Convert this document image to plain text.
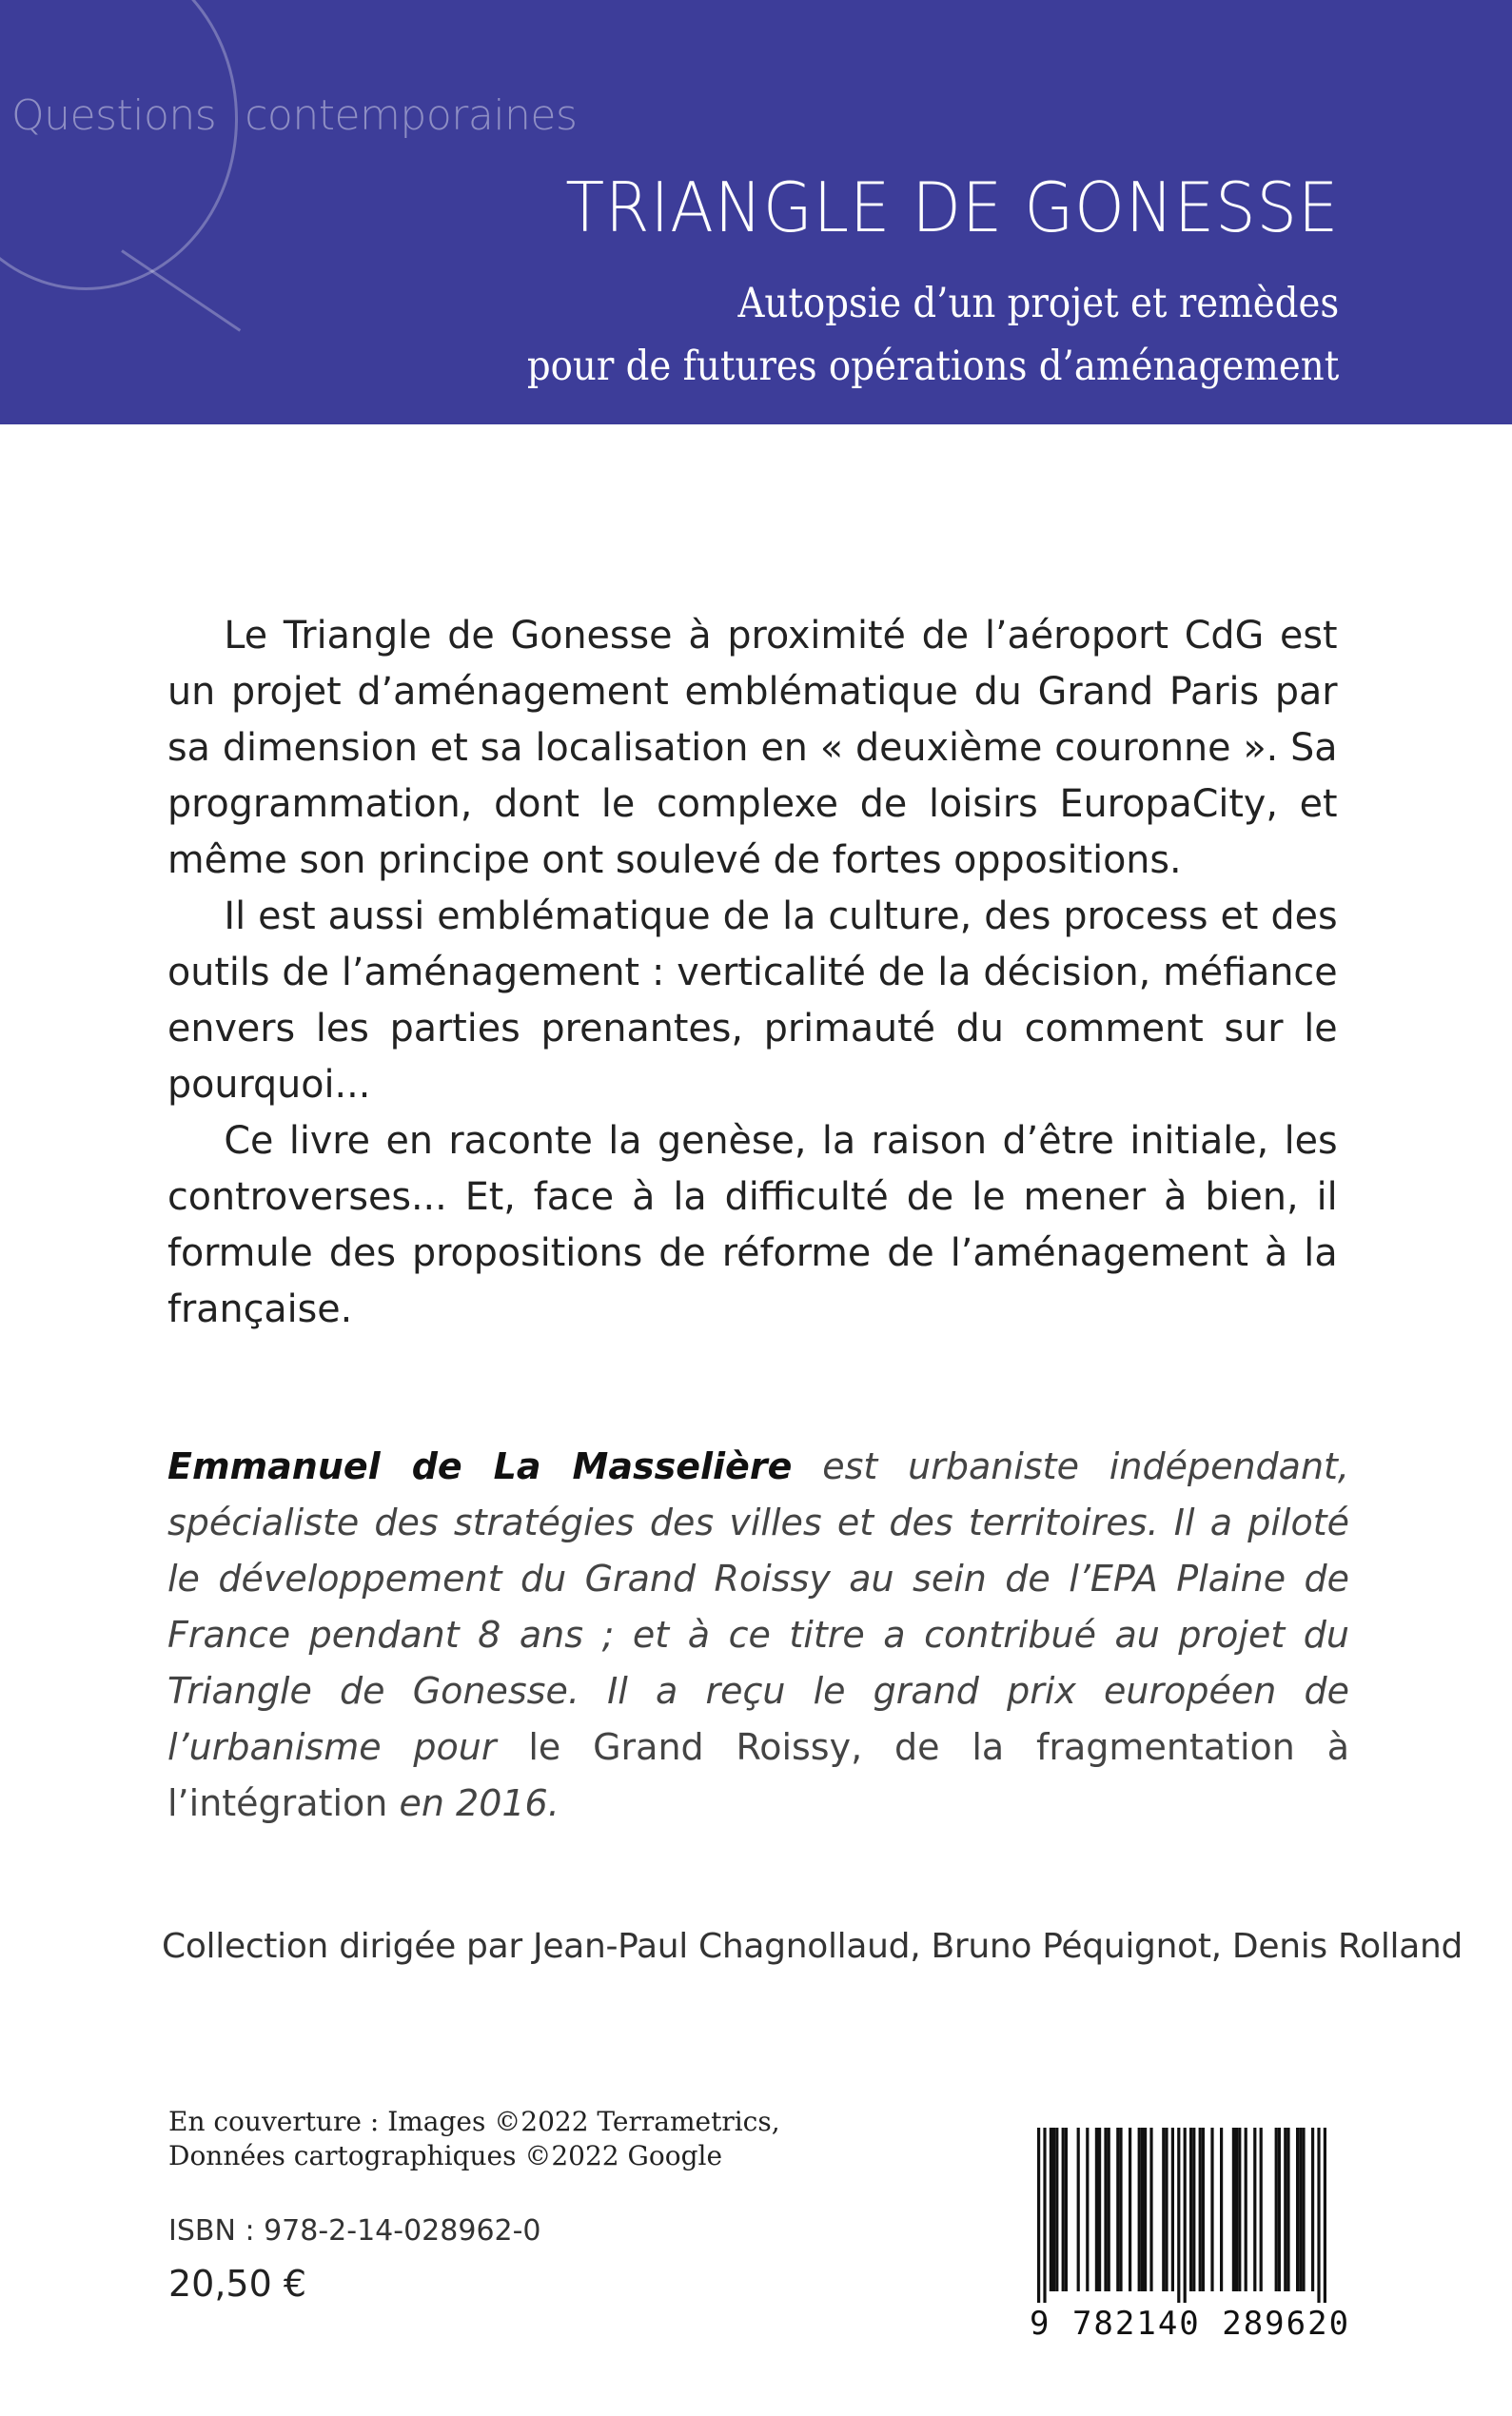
Questions contemporaines
TRIANGLE DE GONESSE
Autopsie d’un projet et remèdes
pour de futures opérations d’aménagement

Le Triangle de Gonesse à proximité de l’aéroport CdG est un projet d’aménagement emblématique du Grand Paris par sa dimension et sa localisation en « deuxième couronne ». Sa programmation, dont le complexe de loisirs EuropaCity, et même son principe ont soulevé de fortes oppositions.

Il est aussi emblématique de la culture, des process et des outils de l’aménagement : verticalité de la décision, méfiance envers les parties prenantes, primauté du comment sur le pourquoi...

Ce livre en raconte la genèse, la raison d’être initiale, les controverses... Et, face à la difficulté de le mener à bien, il formule des propositions de réforme de l’aménagement à la française.

Emmanuel de La Masselière est urbaniste indépendant, spécialiste des stratégies des villes et des territoires. Il a piloté le développement du Grand Roissy au sein de l’EPA Plaine de France pendant 8 ans ; et à ce titre a contribué au projet du Triangle de Gonesse. Il a reçu le grand prix européen de l’urbanisme pour le Grand Roissy, de la fragmentation à l’intégration en 2016.
Collection dirigée par Jean-Paul Chagnollaud, Bruno Péquignot, Denis Rolland
En couverture : Images ©2022 Terrametrics,
Données cartographiques ©2022 Google
ISBN : 978-2-14-028962-0
20,50 €
9 782140 289620
